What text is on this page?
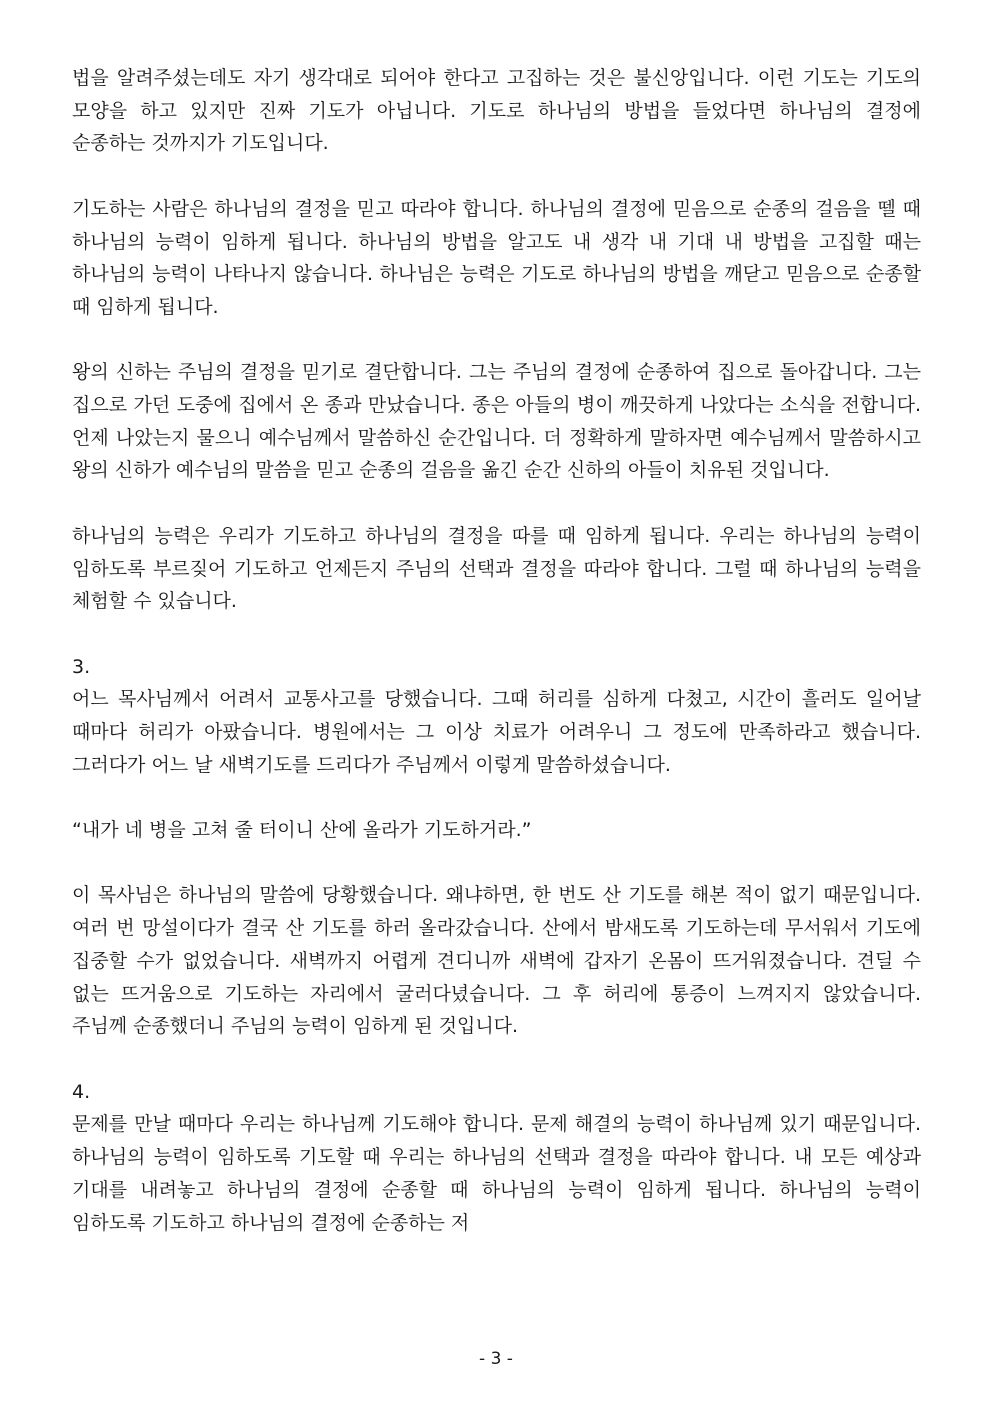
법을 알려주셨는데도 자기 생각대로 되어야 한다고 고집하는 것은 불신앙입니다. 이런 기도는 기도의 모양을 하고 있지만 진짜 기도가 아닙니다. 기도로 하나님의 방법을 들었다면 하나님의 결정에 순종하는 것까지가 기도입니다.

기도하는 사람은 하나님의 결정을 믿고 따라야 합니다. 하나님의 결정에 믿음으로 순종의 걸음을 뗄 때 하나님의 능력이 임하게 됩니다. 하나님의 방법을 알고도 내 생각 내 기대 내 방법을 고집할 때는 하나님의 능력이 나타나지 않습니다. 하나님은 능력은 기도로 하나님의 방법을 깨닫고 믿음으로 순종할 때 임하게 됩니다.

왕의 신하는 주님의 결정을 믿기로 결단합니다. 그는 주님의 결정에 순종하여 집으로 돌아갑니다. 그는 집으로 가던 도중에 집에서 온 종과 만났습니다. 종은 아들의 병이 깨끗하게 나았다는 소식을 전합니다. 언제 나았는지 물으니 예수님께서 말씀하신 순간입니다. 더 정확하게 말하자면 예수님께서 말씀하시고 왕의 신하가 예수님의 말씀을 믿고 순종의 걸음을 옮긴 순간 신하의 아들이 치유된 것입니다.

하나님의 능력은 우리가 기도하고 하나님의 결정을 따를 때 임하게 됩니다. 우리는 하나님의 능력이 임하도록 부르짖어 기도하고 언제든지 주님의 선택과 결정을 따라야 합니다. 그럴 때 하나님의 능력을 체험할 수 있습니다.

3.

어느 목사님께서 어려서 교통사고를 당했습니다. 그때 허리를 심하게 다쳤고, 시간이 흘러도 일어날 때마다 허리가 아팠습니다. 병원에서는 그 이상 치료가 어려우니 그 정도에 만족하라고 했습니다. 그러다가 어느 날 새벽기도를 드리다가 주님께서 이렇게 말씀하셨습니다.

“내가 네 병을 고쳐 줄 터이니 산에 올라가 기도하거라.”

이 목사님은 하나님의 말씀에 당황했습니다. 왜냐하면, 한 번도 산 기도를 해본 적이 없기 때문입니다. 여러 번 망설이다가 결국 산 기도를 하러 올라갔습니다. 산에서 밤새도록 기도하는데 무서워서 기도에 집중할 수가 없었습니다. 새벽까지 어렵게 견디니까 새벽에 갑자기 온몸이 뜨거워졌습니다. 견딜 수 없는 뜨거움으로 기도하는 자리에서 굴러다녔습니다. 그 후 허리에 통증이 느껴지지 않았습니다. 주님께 순종했더니 주님의 능력이 임하게 된 것입니다.

4.

문제를 만날 때마다 우리는 하나님께 기도해야 합니다. 문제 해결의 능력이 하나님께 있기 때문입니다. 하나님의 능력이 임하도록 기도할 때 우리는 하나님의 선택과 결정을 따라야 합니다. 내 모든 예상과 기대를 내려놓고 하나님의 결정에 순종할 때 하나님의 능력이 임하게 됩니다. 하나님의 능력이 임하도록 기도하고 하나님의 결정에 순종하는 저

- 3 -
